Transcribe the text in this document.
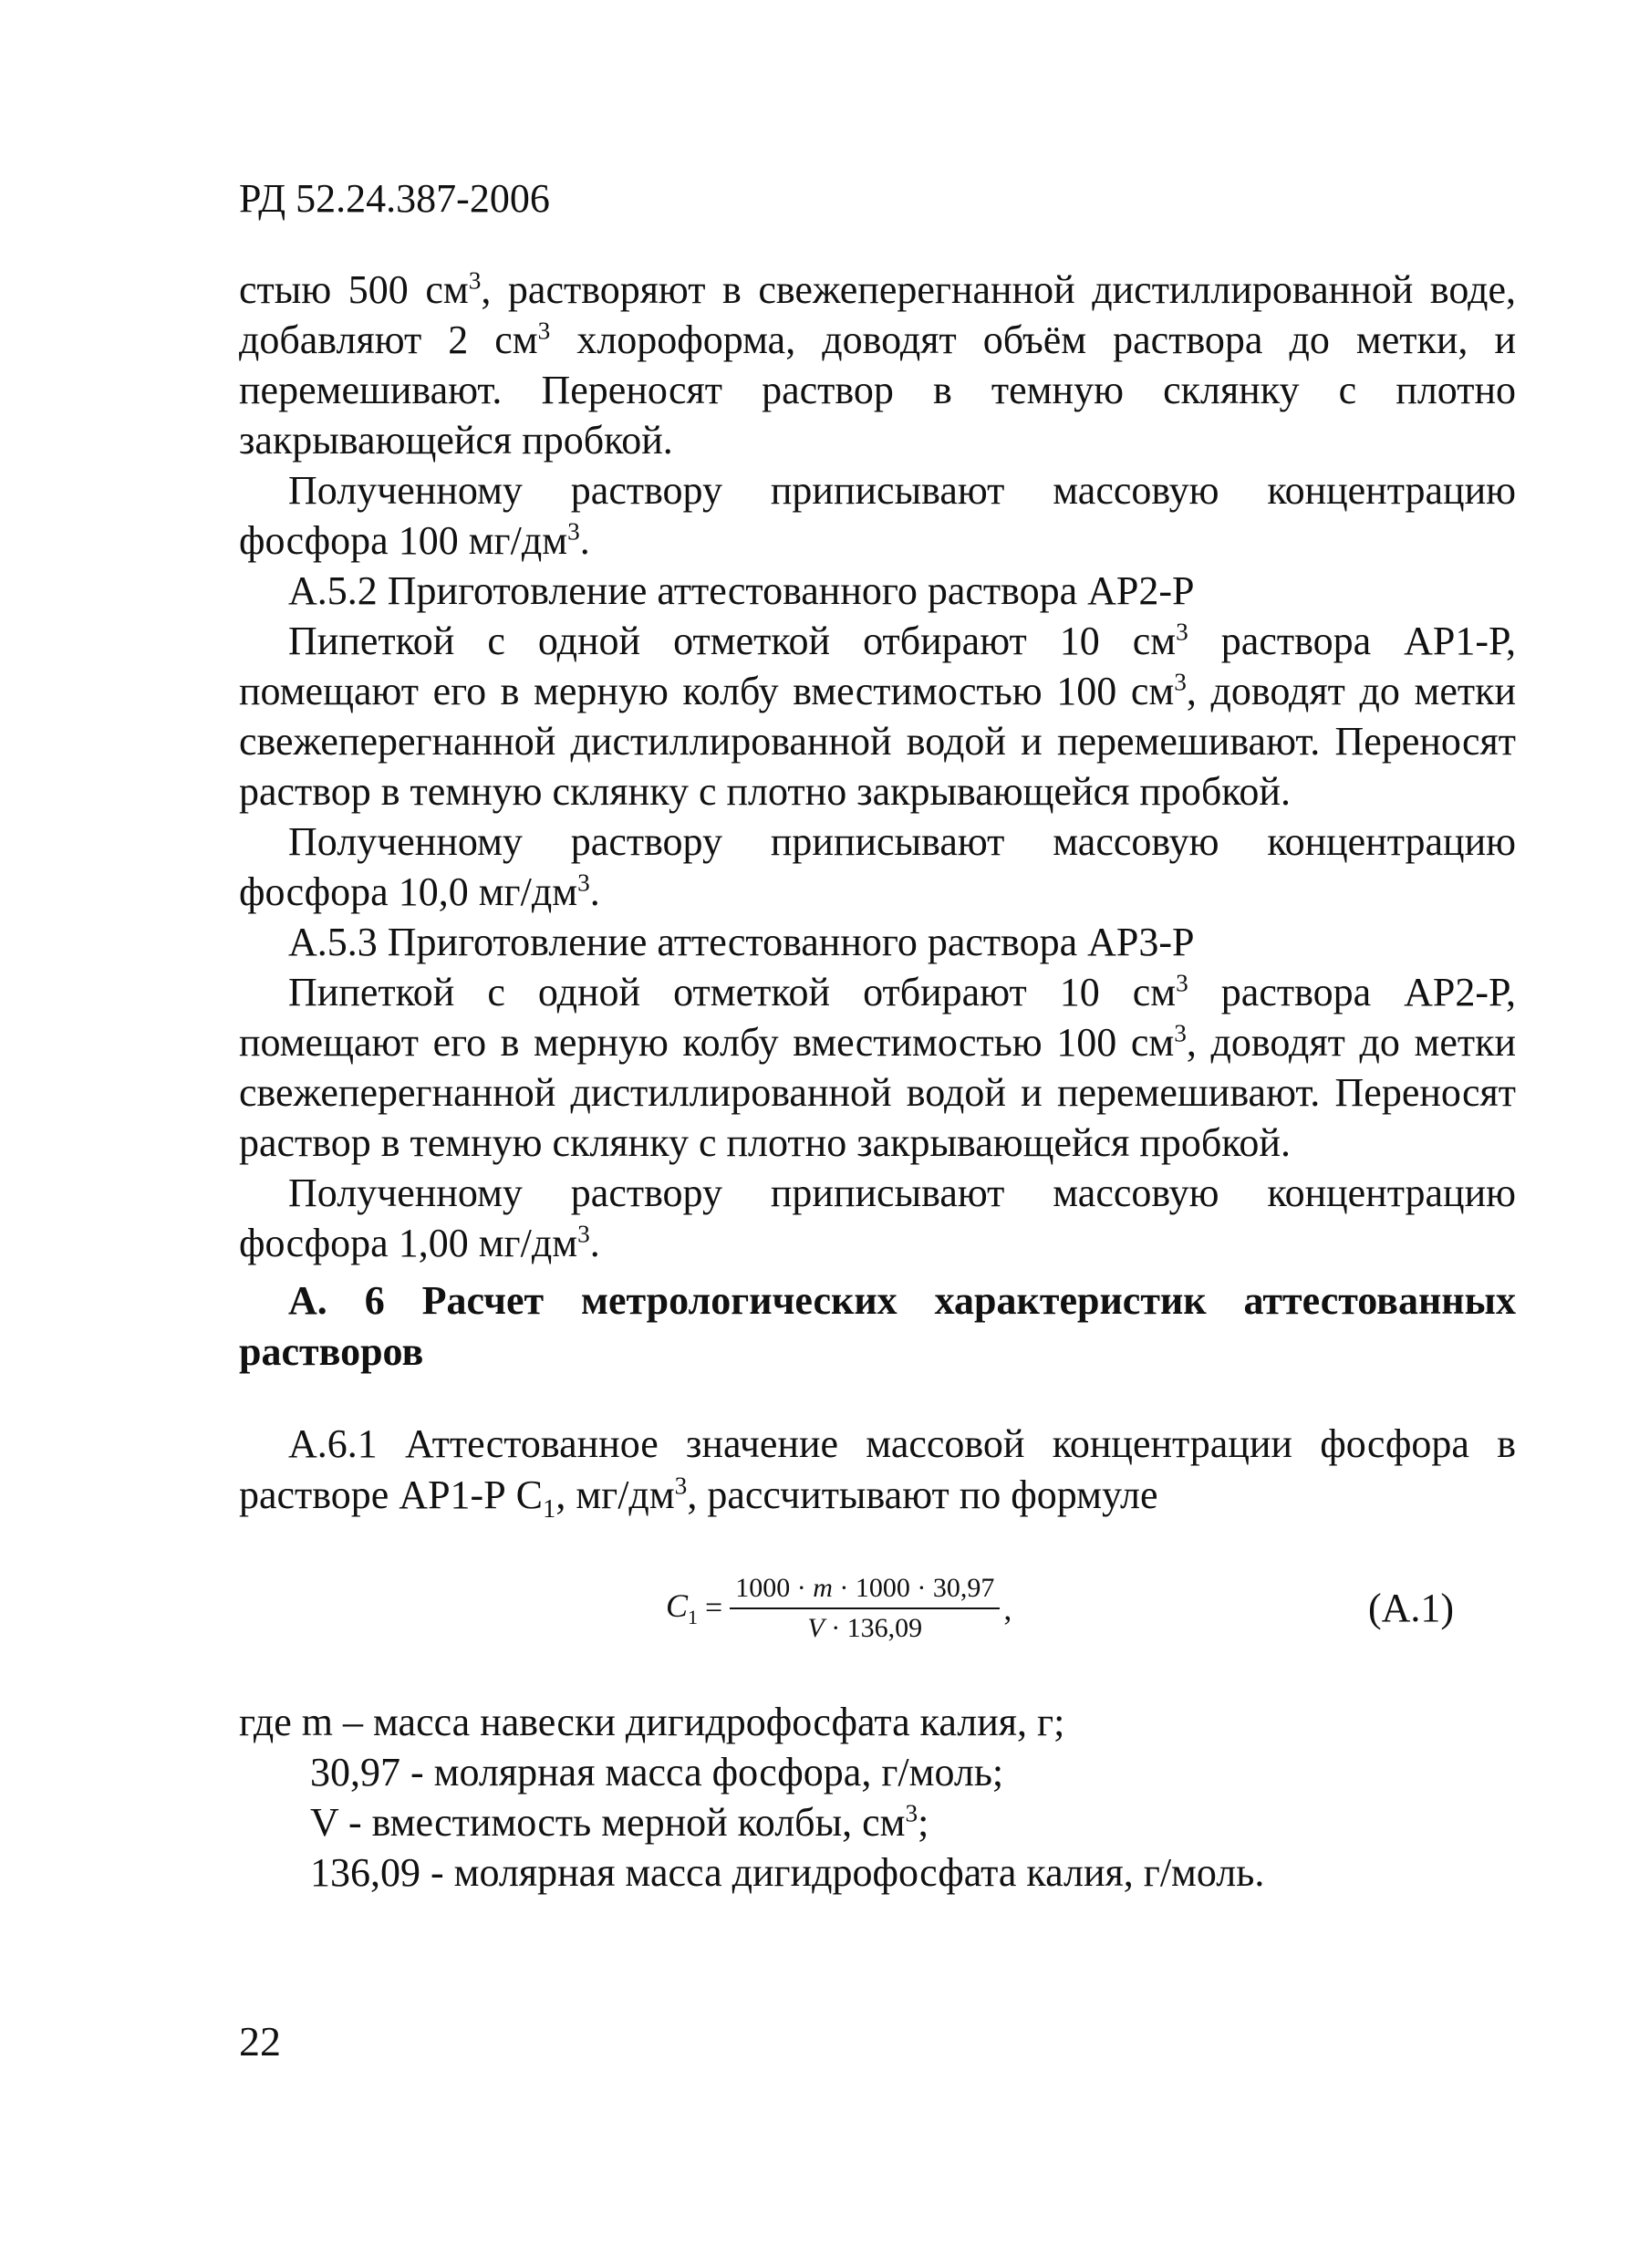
РД 52.24.387-2006

стыю 500 $см^3$, растворяют в свежеперегнанной дистиллированной воде, добавляют 2 $см^3$ хлороформа, доводят объём раствора до метки, и перемешивают. Переносят раствор в темную склянку с плотно закрывающейся пробкой.

Полученному раствору приписывают массовую концентрацию фосфора 100 $мг/дм^3$.

А.5.2 Приготовление аттестованного раствора АР2-Р

Пипеткой с одной отметкой отбирают 10 $см^3$ раствора АР1-Р, помещают его в мерную колбу вместимостью 100 $см^3$, доводят до метки свежеперегнанной дистиллированной водой и перемешивают. Переносят раствор в темную склянку с плотно закрывающейся пробкой.

Полученному раствору приписывают массовую концентрацию фосфора 10,0 $мг/дм^3$.

А.5.3 Приготовление аттестованного раствора АР3-Р

Пипеткой с одной отметкой отбирают 10 $см^3$ раствора АР2-Р, помещают его в мерную колбу вместимостью 100 $см^3$, доводят до метки свежеперегнанной дистиллированной водой и перемешивают. Переносят раствор в темную склянку с плотно закрывающейся пробкой.

Полученному раствору приписывают массовую концентрацию фосфора 1,00 $мг/дм^3$.

А. 6 Расчет метрологических характеристик аттестованных растворов

А.6.1 Аттестованное значение массовой концентрации фосфора в растворе АР1-Р $С_1$, $мг/дм^3$, рассчитывают по формуле

$C_1 = \frac{1000 \cdot m \cdot 1000 \cdot 30,97}{V \cdot 136,09}$ ,	(А.1)

где m – масса навески дигидрофосфата калия, г;

30,97 - молярная масса фосфора, г/моль;

V - вместимость мерной колбы, $см^3$;

136,09 - молярная масса дигидрофосфата калия, г/моль.

22
